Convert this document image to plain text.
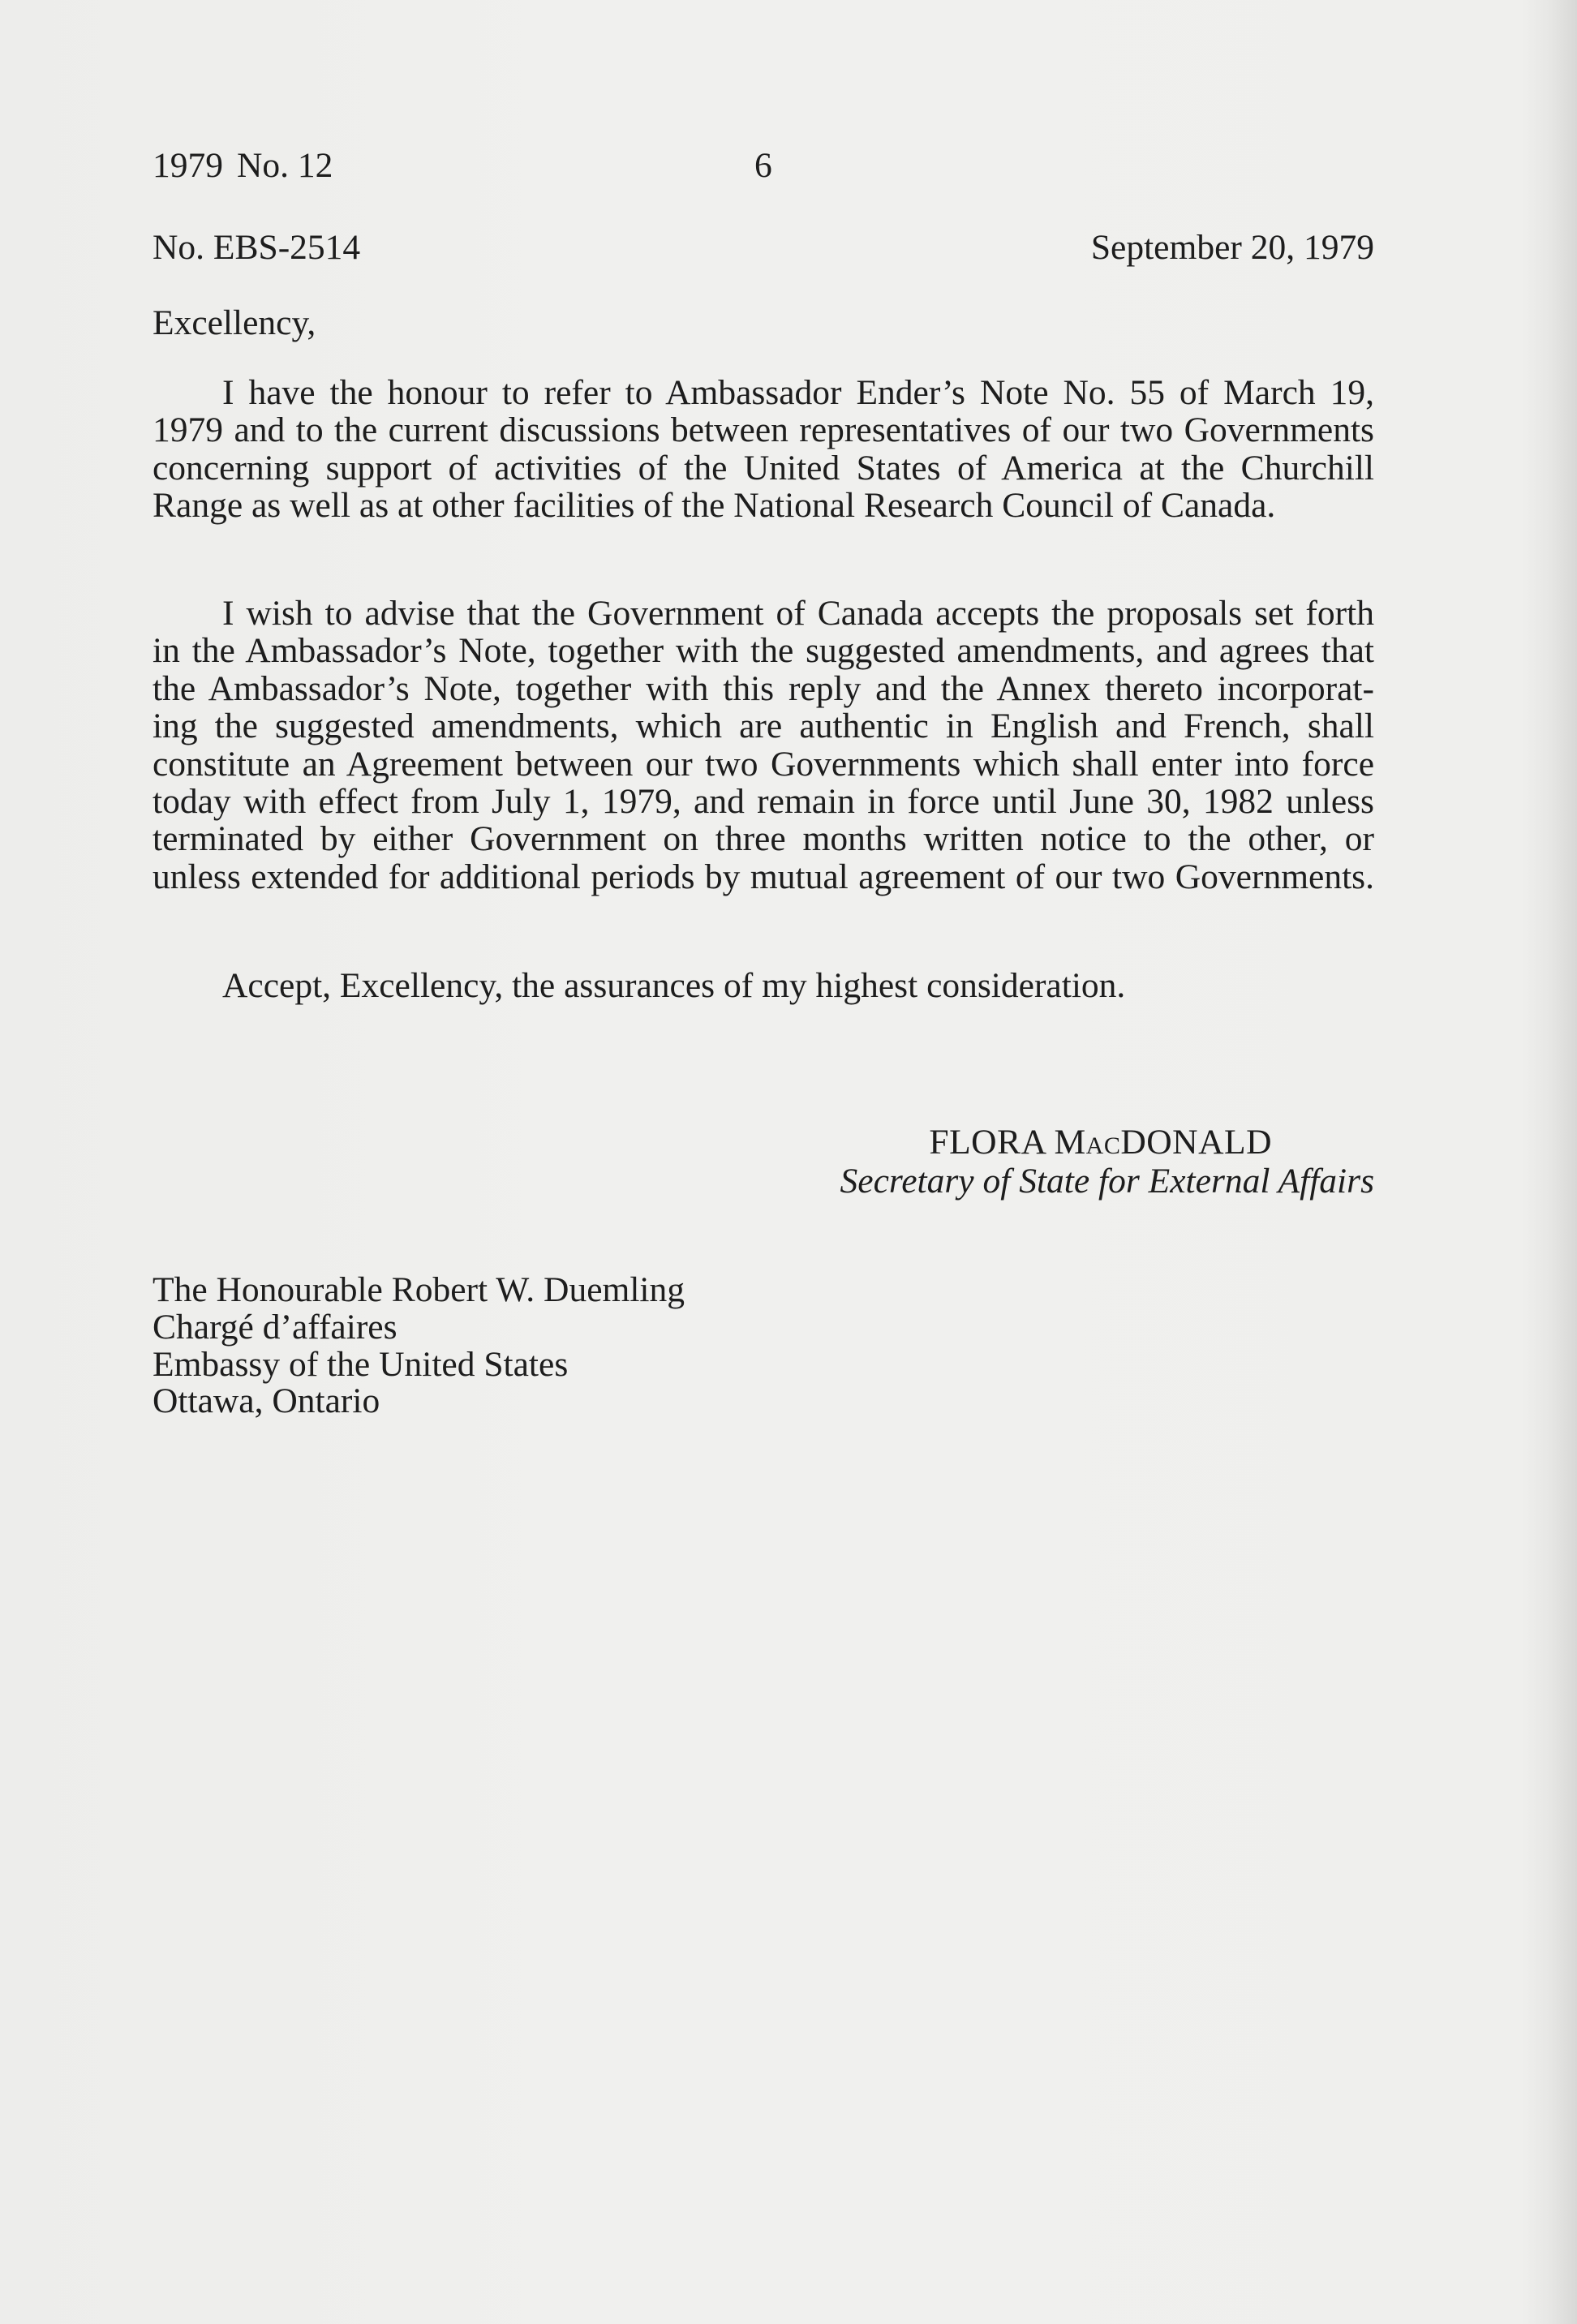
1979 No. 12	6
No. EBS-2514	September 20, 1979
Excellency,
I have the honour to refer to Ambassador Ender’s Note No. 55 of March 19,
1979 and to the current discussions between representatives of our two Governments
concerning support of activities of the United States of America at the Churchill
Range as well as at other facilities of the National Research Council of Canada.
I wish to advise that the Government of Canada accepts the proposals set forth
in the Ambassador’s Note, together with the suggested amendments, and agrees that
the Ambassador’s Note, together with this reply and the Annex thereto incorporat-
ing the suggested amendments, which are authentic in English and French, shall
constitute an Agreement between our two Governments which shall enter into force
today with effect from July 1, 1979, and remain in force until June 30, 1982 unless
terminated by either Government on three months written notice to the other, or
unless extended for additional periods by mutual agreement of our two Governments.
Accept, Excellency, the assurances of my highest consideration.
FLORA MacDONALD
Secretary of State for External Affairs
The Honourable Robert W. Duemling
Chargé d’affaires
Embassy of the United States
Ottawa, Ontario
